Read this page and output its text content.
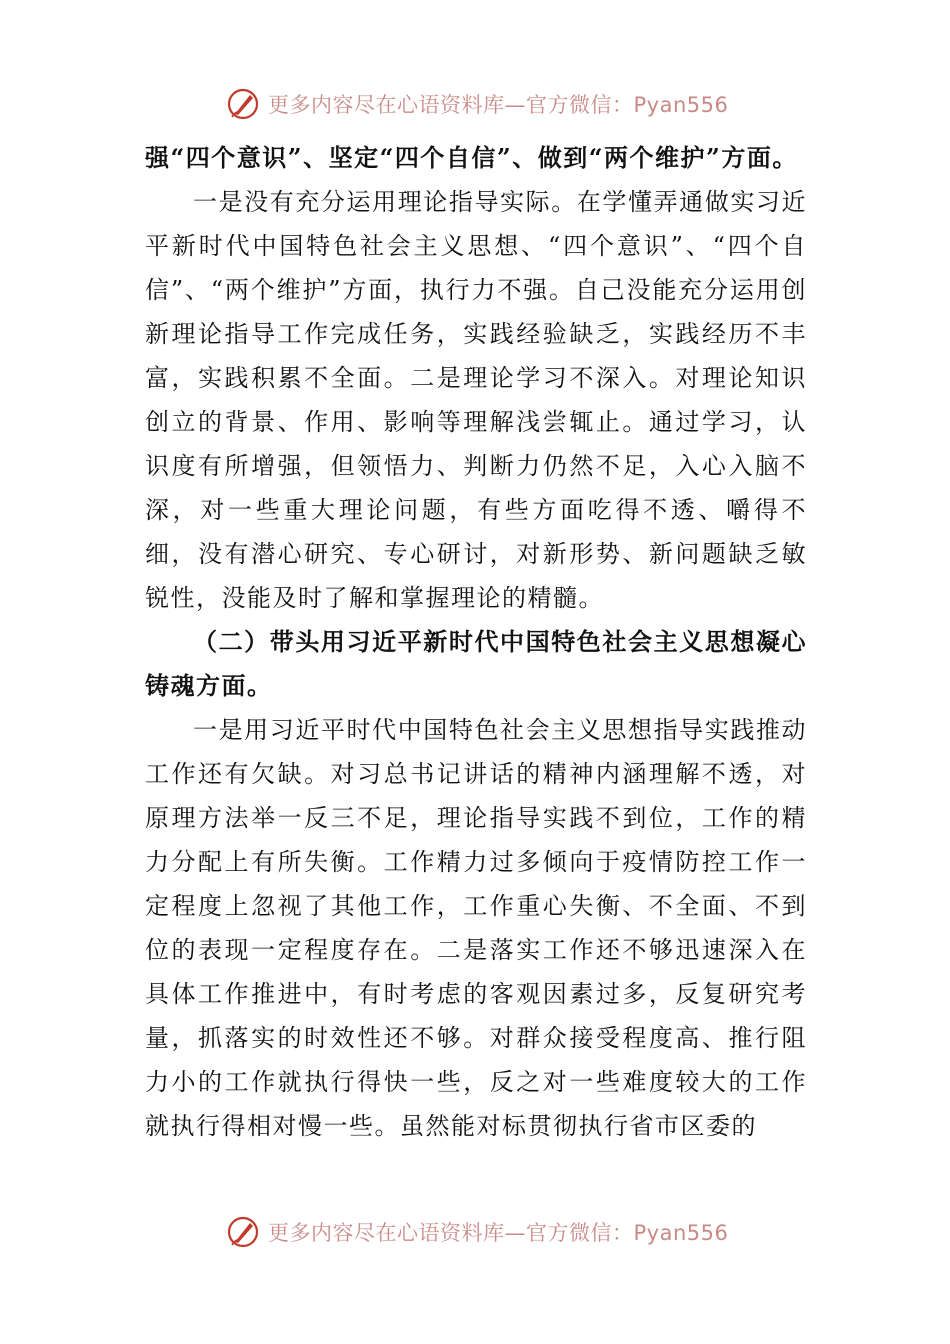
更多内容尽在心语资料库—官方微信：Pyan556

强“四个意识”、坚定“四个自信”、做到“两个维护”方面。

一是没有充分运用理论指导实际。在学懂弄通做实习近平新时代中国特色社会主义思想、“四个意识”、“四个自信”、“两个维护”方面，执行力不强。自己没能充分运用创新理论指导工作完成任务，实践经验缺乏，实践经历不丰富，实践积累不全面。二是理论学习不深入。对理论知识创立的背景、作用、影响等理解浅尝辄止。通过学习，认识度有所增强，但领悟力、判断力仍然不足，入心入脑不深，对一些重大理论问题，有些方面吃得不透、嚼得不细，没有潜心研究、专心研讨，对新形势、新问题缺乏敏锐性，没能及时了解和掌握理论的精髓。

（二）带头用习近平新时代中国特色社会主义思想凝心铸魂方面。

一是用习近平时代中国特色社会主义思想指导实践推动工作还有欠缺。对习总书记讲话的精神内涵理解不透，对原理方法举一反三不足，理论指导实践不到位，工作的精力分配上有所失衡。工作精力过多倾向于疫情防控工作一定程度上忽视了其他工作，工作重心失衡、不全面、不到位的表现一定程度存在。二是落实工作还不够迅速深入在具体工作推进中，有时考虑的客观因素过多，反复研究考量，抓落实的时效性还不够。对群众接受程度高、推行阻力小的工作就执行得快一些，反之对一些难度较大的工作就执行得相对慢一些。虽然能对标贯彻执行省市区委的

更多内容尽在心语资料库—官方微信：Pyan556
